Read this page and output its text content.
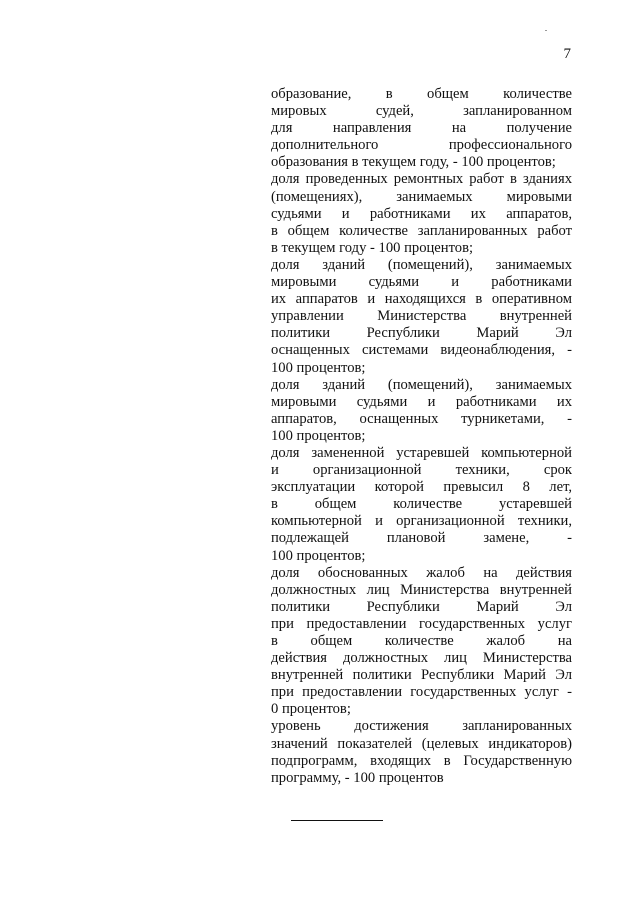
7
образование, в общем количестве
мировых судей, запланированном
для направления на получение
дополнительного профессионального
образования в текущем году, - 100 процентов;
доля проведенных ремонтных работ в зданиях
(помещениях), занимаемых мировыми
судьями и работниками их аппаратов,
в общем количестве запланированных работ
в текущем году - 100 процентов;
доля зданий (помещений), занимаемых
мировыми судьями и работниками
их аппаратов и находящихся в оперативном
управлении Министерства внутренней
политики Республики Марий Эл
оснащенных системами видеонаблюдения, -
100 процентов;
доля зданий (помещений), занимаемых
мировыми судьями и работниками их
аппаратов, оснащенных турникетами, -
100 процентов;
доля замененной устаревшей компьютерной
и организационной техники, срок
эксплуатации которой превысил 8 лет,
в общем количестве устаревшей
компьютерной и организационной техники,
подлежащей плановой замене, -
100 процентов;
доля обоснованных жалоб на действия
должностных лиц Министерства внутренней
политики Республики Марий Эл
при предоставлении государственных услуг
в общем количестве жалоб на
действия должностных лиц Министерства
внутренней политики Республики Марий Эл
при предоставлении государственных услуг -
0 процентов;
уровень достижения запланированных
значений показателей (целевых индикаторов)
подпрограмм, входящих в Государственную
программу, - 100 процентов
